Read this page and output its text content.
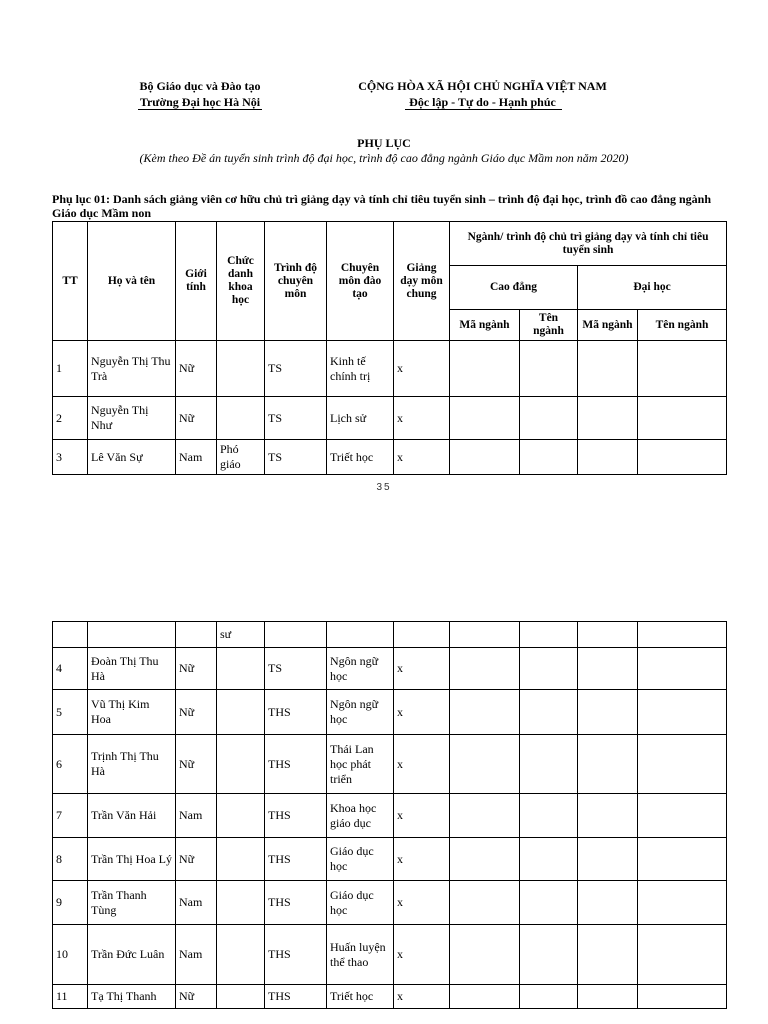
Bộ Giáo dục và Đào tạo
Trường Đại học Hà Nội
CỘNG HÒA XÃ HỘI CHỦ NGHĨA VIỆT NAM
Độc lập - Tự do - Hạnh phúc
PHỤ LỤC
(Kèm theo Đề án tuyển sinh trình độ đại học, trình độ cao đẳng ngành Giáo dục Mầm non năm 2020)
Phụ lục 01: Danh sách giảng viên cơ hữu chủ trì giảng dạy và tính chỉ tiêu tuyển sinh – trình độ đại học, trình đồ cao đẳng ngành Giáo dục Mầm non
TT	Họ và tên	Giới tính	Chức danh khoa học	Trình độ chuyên môn	Chuyên môn đào tạo	Giảng dạy môn chung	Ngành/ trình độ chủ trì giảng dạy và tính chỉ tiêu tuyển sinh			
							Cao đẳng		Đại học	
							Mã ngành	Tên ngành	Mã ngành	Tên ngành
1	Nguyễn Thị Thu Trà	Nữ		TS	Kinh tế chính trị	x				
2	Nguyễn Thị Như	Nữ		TS	Lịch sử	x				
3	Lê Văn Sự	Nam	Phó giáo	TS	Triết học	x				
35
			sư							
4	Đoàn Thị Thu Hà	Nữ		TS	Ngôn ngữ học	x				
5	Vũ Thị Kim Hoa	Nữ		THS	Ngôn ngữ học	x				
6	Trịnh Thị Thu Hà	Nữ		THS	Thái Lan học phát triển	x				
7	Trần Văn Hải	Nam		THS	Khoa học giáo dục	x				
8	Trần Thị Hoa Lý	Nữ		THS	Giáo dục học	x				
9	Trần Thanh Tùng	Nam		THS	Giáo dục học	x				
10	Trần Đức Luân	Nam		THS	Huấn luyện thể thao	x				
11	Tạ Thị Thanh	Nữ		THS	Triết học	x				
